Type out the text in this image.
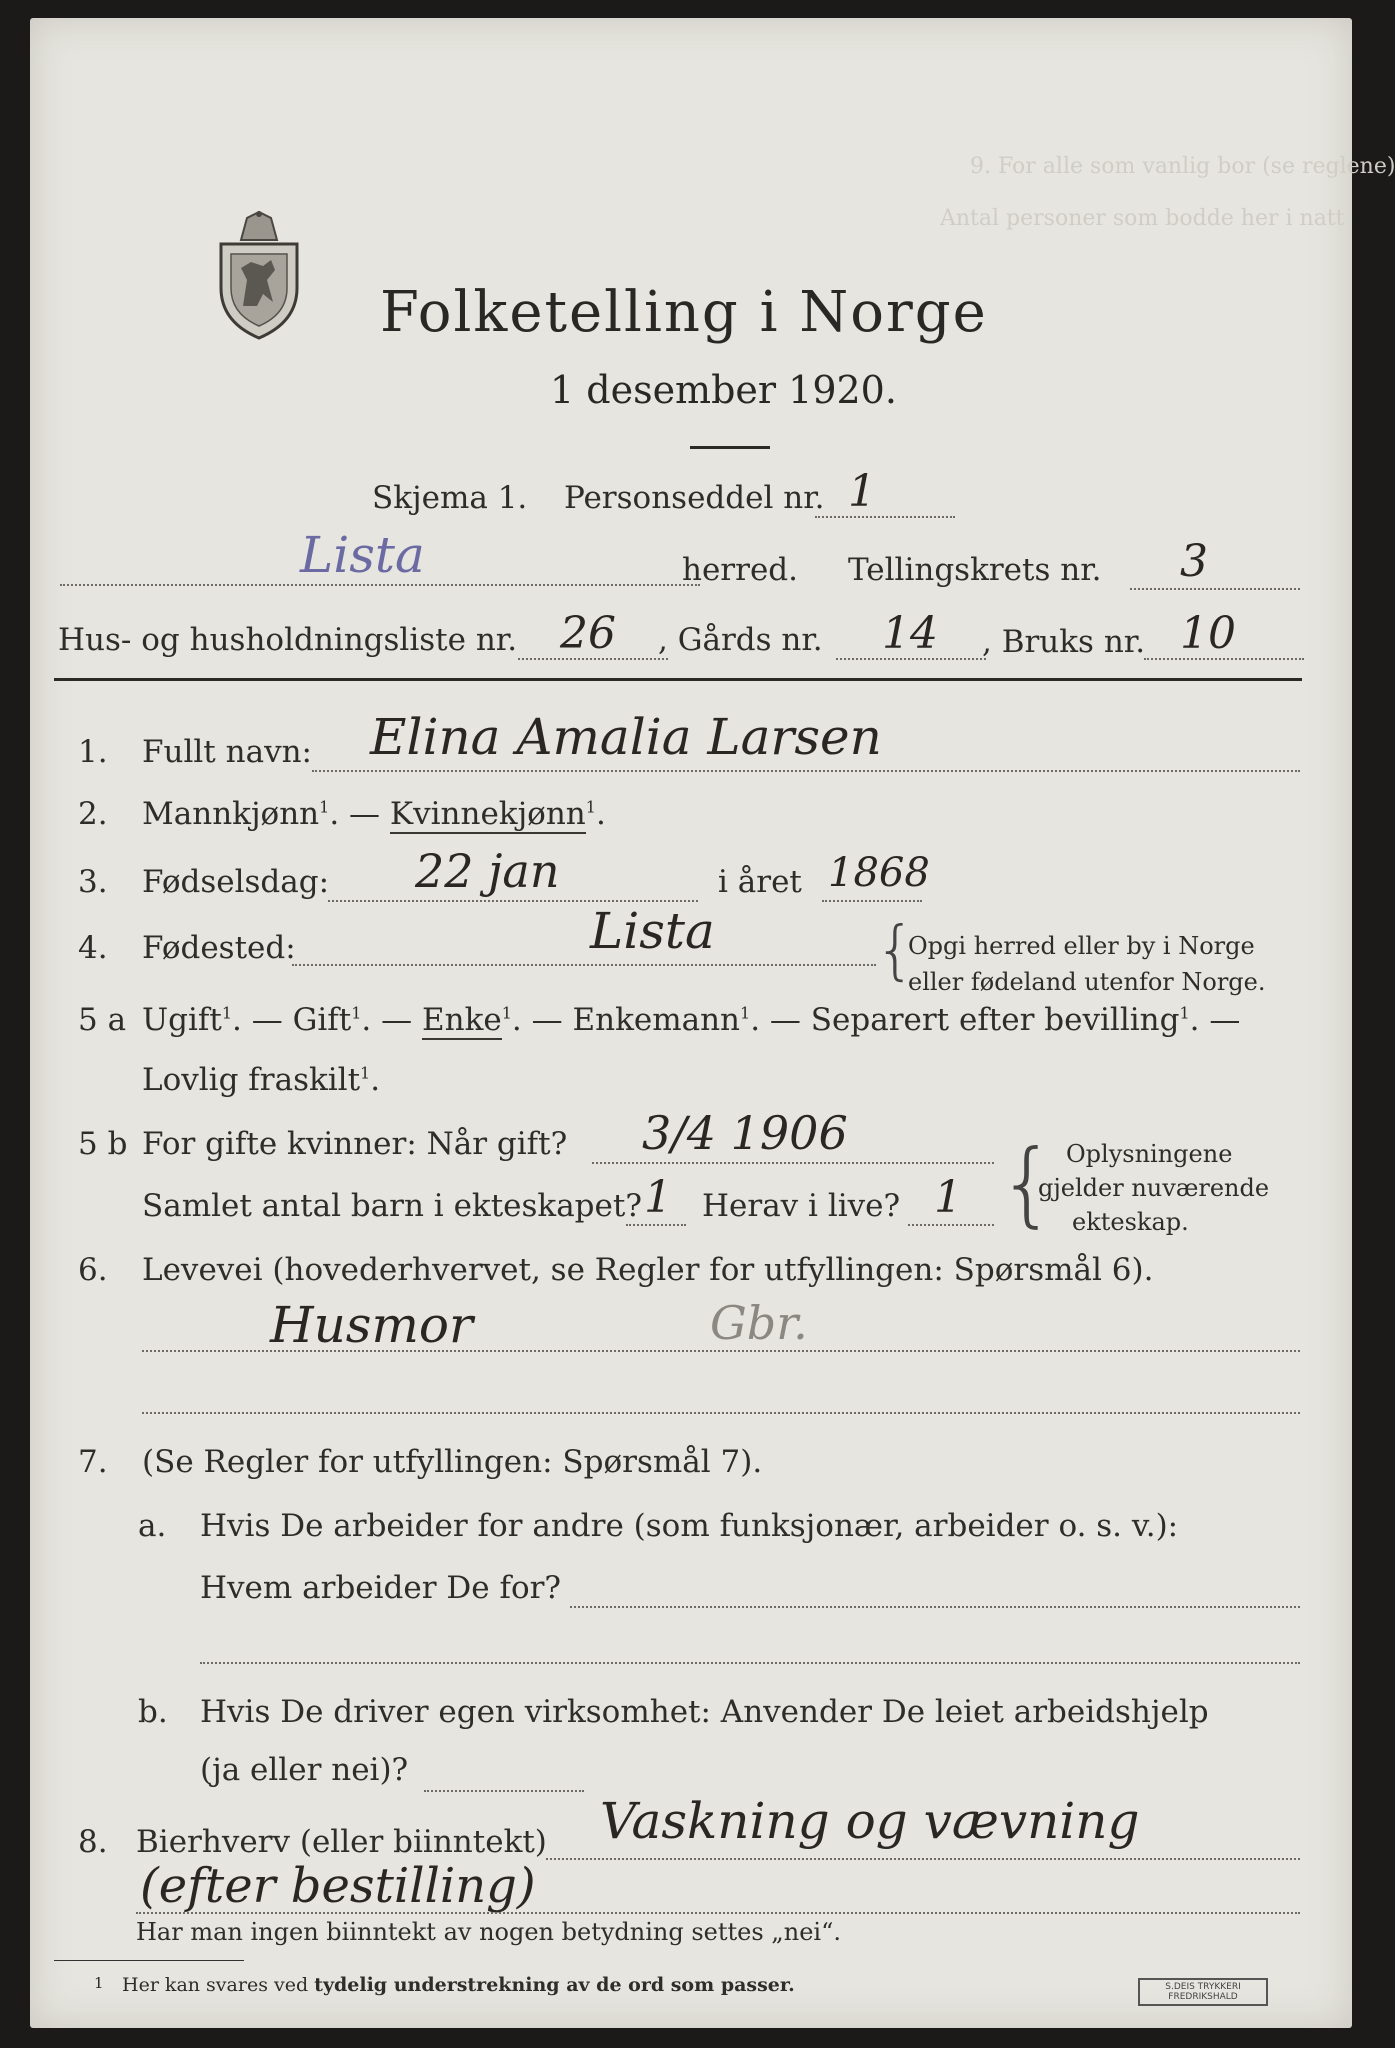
9. For alle som vanlig bor (se reglene)
Antal personer som bodde her i natt
Folketelling i Norge
1 desember 1920.
Skjema 1. Personseddel nr. 1
Lista	herred. Tellingskrets nr. 3
Hus- og husholdningsliste nr. 26 , Gårds nr. 14 , Bruks nr. 10
1. Fullt navn: Elina Amalia Larsen
2. Mannkjønn$^1$. — Kvinnekjønn$^1$.
3. Fødselsdag: 22 jan	i året 1868
4. Fødested:	Lista	{
Opgi herred eller by i Norge
eller fødeland utenfor Norge.
5 a Ugift$^1$. — Gift$^1$. — Enke$^1$. — Enkemann$^1$. — Separert efter bevilling$^1$. —
Lovlig fraskilt$^1$.
5 b For gifte kvinner: Når gift? 3/4 1906
Samlet antal barn i ekteskapet? 1 Herav i live? 1 { Oplysningene
gjelder nuværende
ekteskap.
6. Levevei (hovederhvervet, se Regler for utfyllingen: Spørsmål 6).
Husmor	Gbr.
7. (Se Regler for utfyllingen: Spørsmål 7).
a. Hvis De arbeider for andre (som funksjonær, arbeider o. s. v.):
Hvem arbeider De for?
b. Hvis De driver egen virksomhet: Anvender De leiet arbeidshjelp
(ja eller nei)?
8. Bierhverv (eller biinntekt) Vaskning og vævning
(efter bestilling)
Har man ingen biinntekt av nogen betydning settes „nei“.
1 Her kan svares ved tydelig understrekning av de ord som passer.	S.DEIS TRYKKERI
FREDRIKSHALD
